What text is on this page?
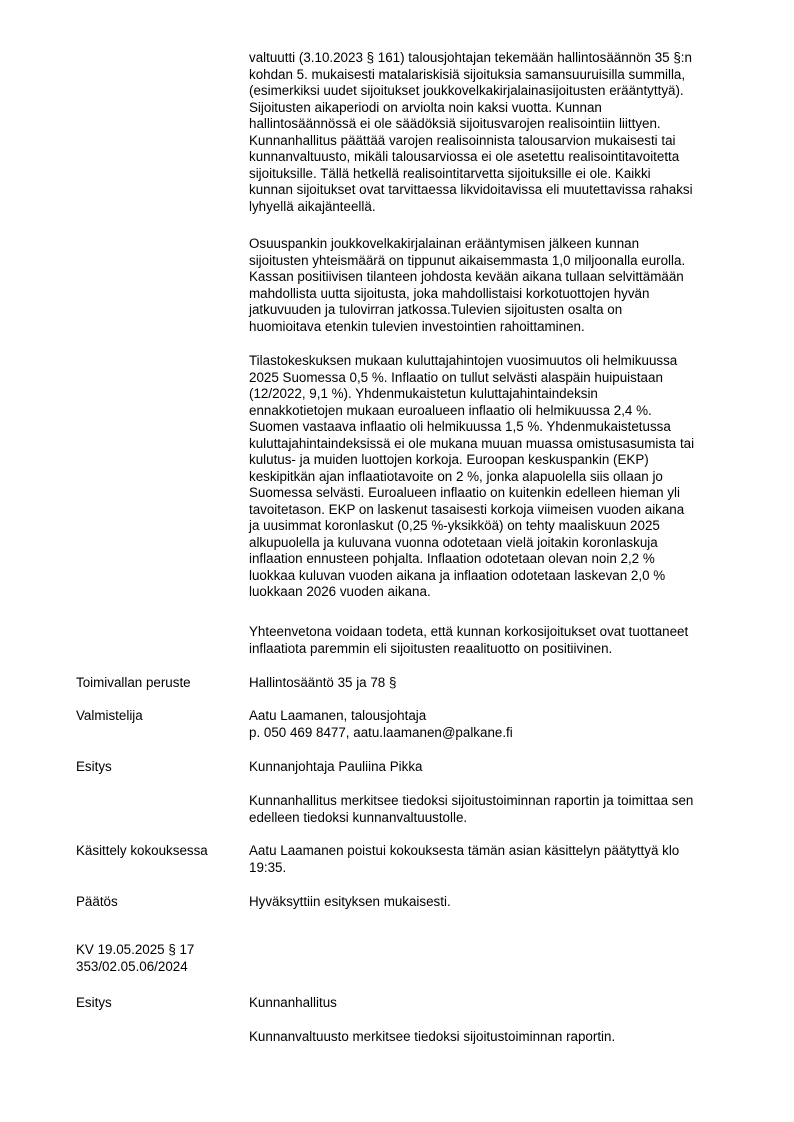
valtuutti (3.10.2023 § 161) talousjohtajan tekemään hallintosäännön 35 §:n
kohdan 5. mukaisesti matalariskisiä sijoituksia samansuuruisilla summilla,
(esimerkiksi uudet sijoitukset joukkovelkakirjalainasijoitusten erääntyttyä).
Sijoitusten aikaperiodi on arviolta noin kaksi vuotta. Kunnan
hallintosäännössä ei ole säädöksiä sijoitusvarojen realisointiin liittyen.
Kunnanhallitus päättää varojen realisoinnista talousarvion mukaisesti tai
kunnanvaltuusto, mikäli talousarviossa ei ole asetettu realisointitavoitetta
sijoituksille. Tällä hetkellä realisointitarvetta sijoituksille ei ole. Kaikki
kunnan sijoitukset ovat tarvittaessa likvidoitavissa eli muutettavissa rahaksi
lyhyellä aikajänteellä.

Osuuspankin joukkovelkakirjalainan erääntymisen jälkeen kunnan
sijoitusten yhteismäärä on tippunut aikaisemmasta 1,0 miljoonalla eurolla.
Kassan positiivisen tilanteen johdosta kevään aikana tullaan selvittämään
mahdollista uutta sijoitusta, joka mahdollistaisi korkotuottojen hyvän
jatkuvuuden ja tulovirran jatkossa.Tulevien sijoitusten osalta on
huomioitava etenkin tulevien investointien rahoittaminen.

Tilastokeskuksen mukaan kuluttajahintojen vuosimuutos oli helmikuussa
2025 Suomessa 0,5 %. Inflaatio on tullut selvästi alaspäin huipuistaan
(12/2022, 9,1 %). Yhdenmukaistetun kuluttajahintaindeksin
ennakkotietojen mukaan euroalueen inflaatio oli helmikuussa 2,4 %.
Suomen vastaava inflaatio oli helmikuussa 1,5 %. Yhdenmukaistetussa
kuluttajahintaindeksissä ei ole mukana muuan muassa omistusasumista tai
kulutus- ja muiden luottojen korkoja. Euroopan keskuspankin (EKP)
keskipitkän ajan inflaatiotavoite on 2 %, jonka alapuolella siis ollaan jo
Suomessa selvästi. Euroalueen inflaatio on kuitenkin edelleen hieman yli
tavoitetason. EKP on laskenut tasaisesti korkoja viimeisen vuoden aikana
ja uusimmat koronlaskut (0,25 %-yksikköä) on tehty maaliskuun 2025
alkupuolella ja kuluvana vuonna odotetaan vielä joitakin koronlaskuja
inflaation ennusteen pohjalta. Inflaation odotetaan olevan noin 2,2 %
luokkaa kuluvan vuoden aikana ja inflaation odotetaan laskevan 2,0 %
luokkaan 2026 vuoden aikana.

Yhteenvetona voidaan todeta, että kunnan korkosijoitukset ovat tuottaneet
inflaatiota paremmin eli sijoitusten reaalituotto on positiivinen.

Toimivallan peruste	Hallintosääntö 35 ja 78 §

Valmistelija	Aatu Laamanen, talousjohtaja
p. 050 469 8477, aatu.laamanen@palkane.fi

Esitys	Kunnanjohtaja Pauliina Pikka

Kunnanhallitus merkitsee tiedoksi sijoitustoiminnan raportin ja toimittaa sen
edelleen tiedoksi kunnanvaltuustolle.

Käsittely kokouksessa	Aatu Laamanen poistui kokouksesta tämän asian käsittelyn päätyttyä klo
19:35.

Päätös	Hyväksyttiin esityksen mukaisesti.

KV 19.05.2025 § 17
353/02.05.06/2024

Esitys	Kunnanhallitus

Kunnanvaltuusto merkitsee tiedoksi sijoitustoiminnan raportin.
